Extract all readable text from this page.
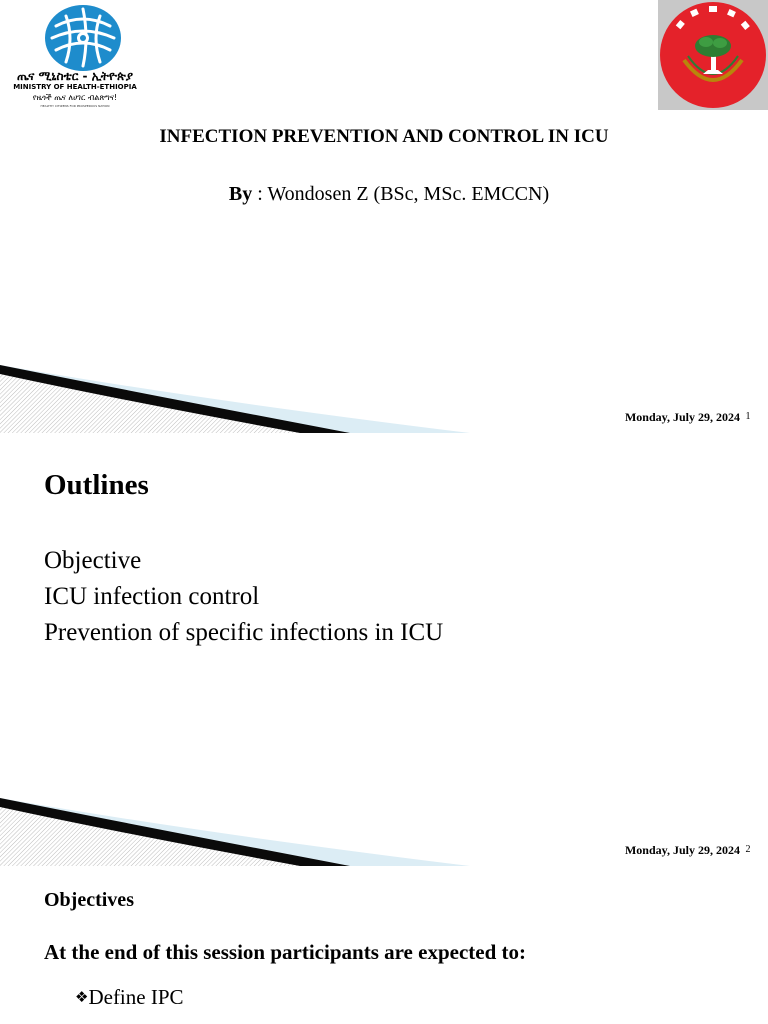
ጤና ሚኒስቴር - ኢትዮጵያ
MINISTRY OF HEALTH-ETHIOPIA
የዜጎች ጤና ለሀገር ብልጽግና!
HEALTHY CITIZENS FOR PROSPEROUS NATION
INFECTION PREVENTION AND CONTROL IN ICU
By : Wondosen Z (BSc, MSc. EMCCN)
Monday, July 29, 2024 1
Outlines
Objective
ICU infection control
Prevention of specific infections in ICU
Monday, July 29, 2024 2
Objectives
At the end of this session participants are expected to:
❖Define IPC
